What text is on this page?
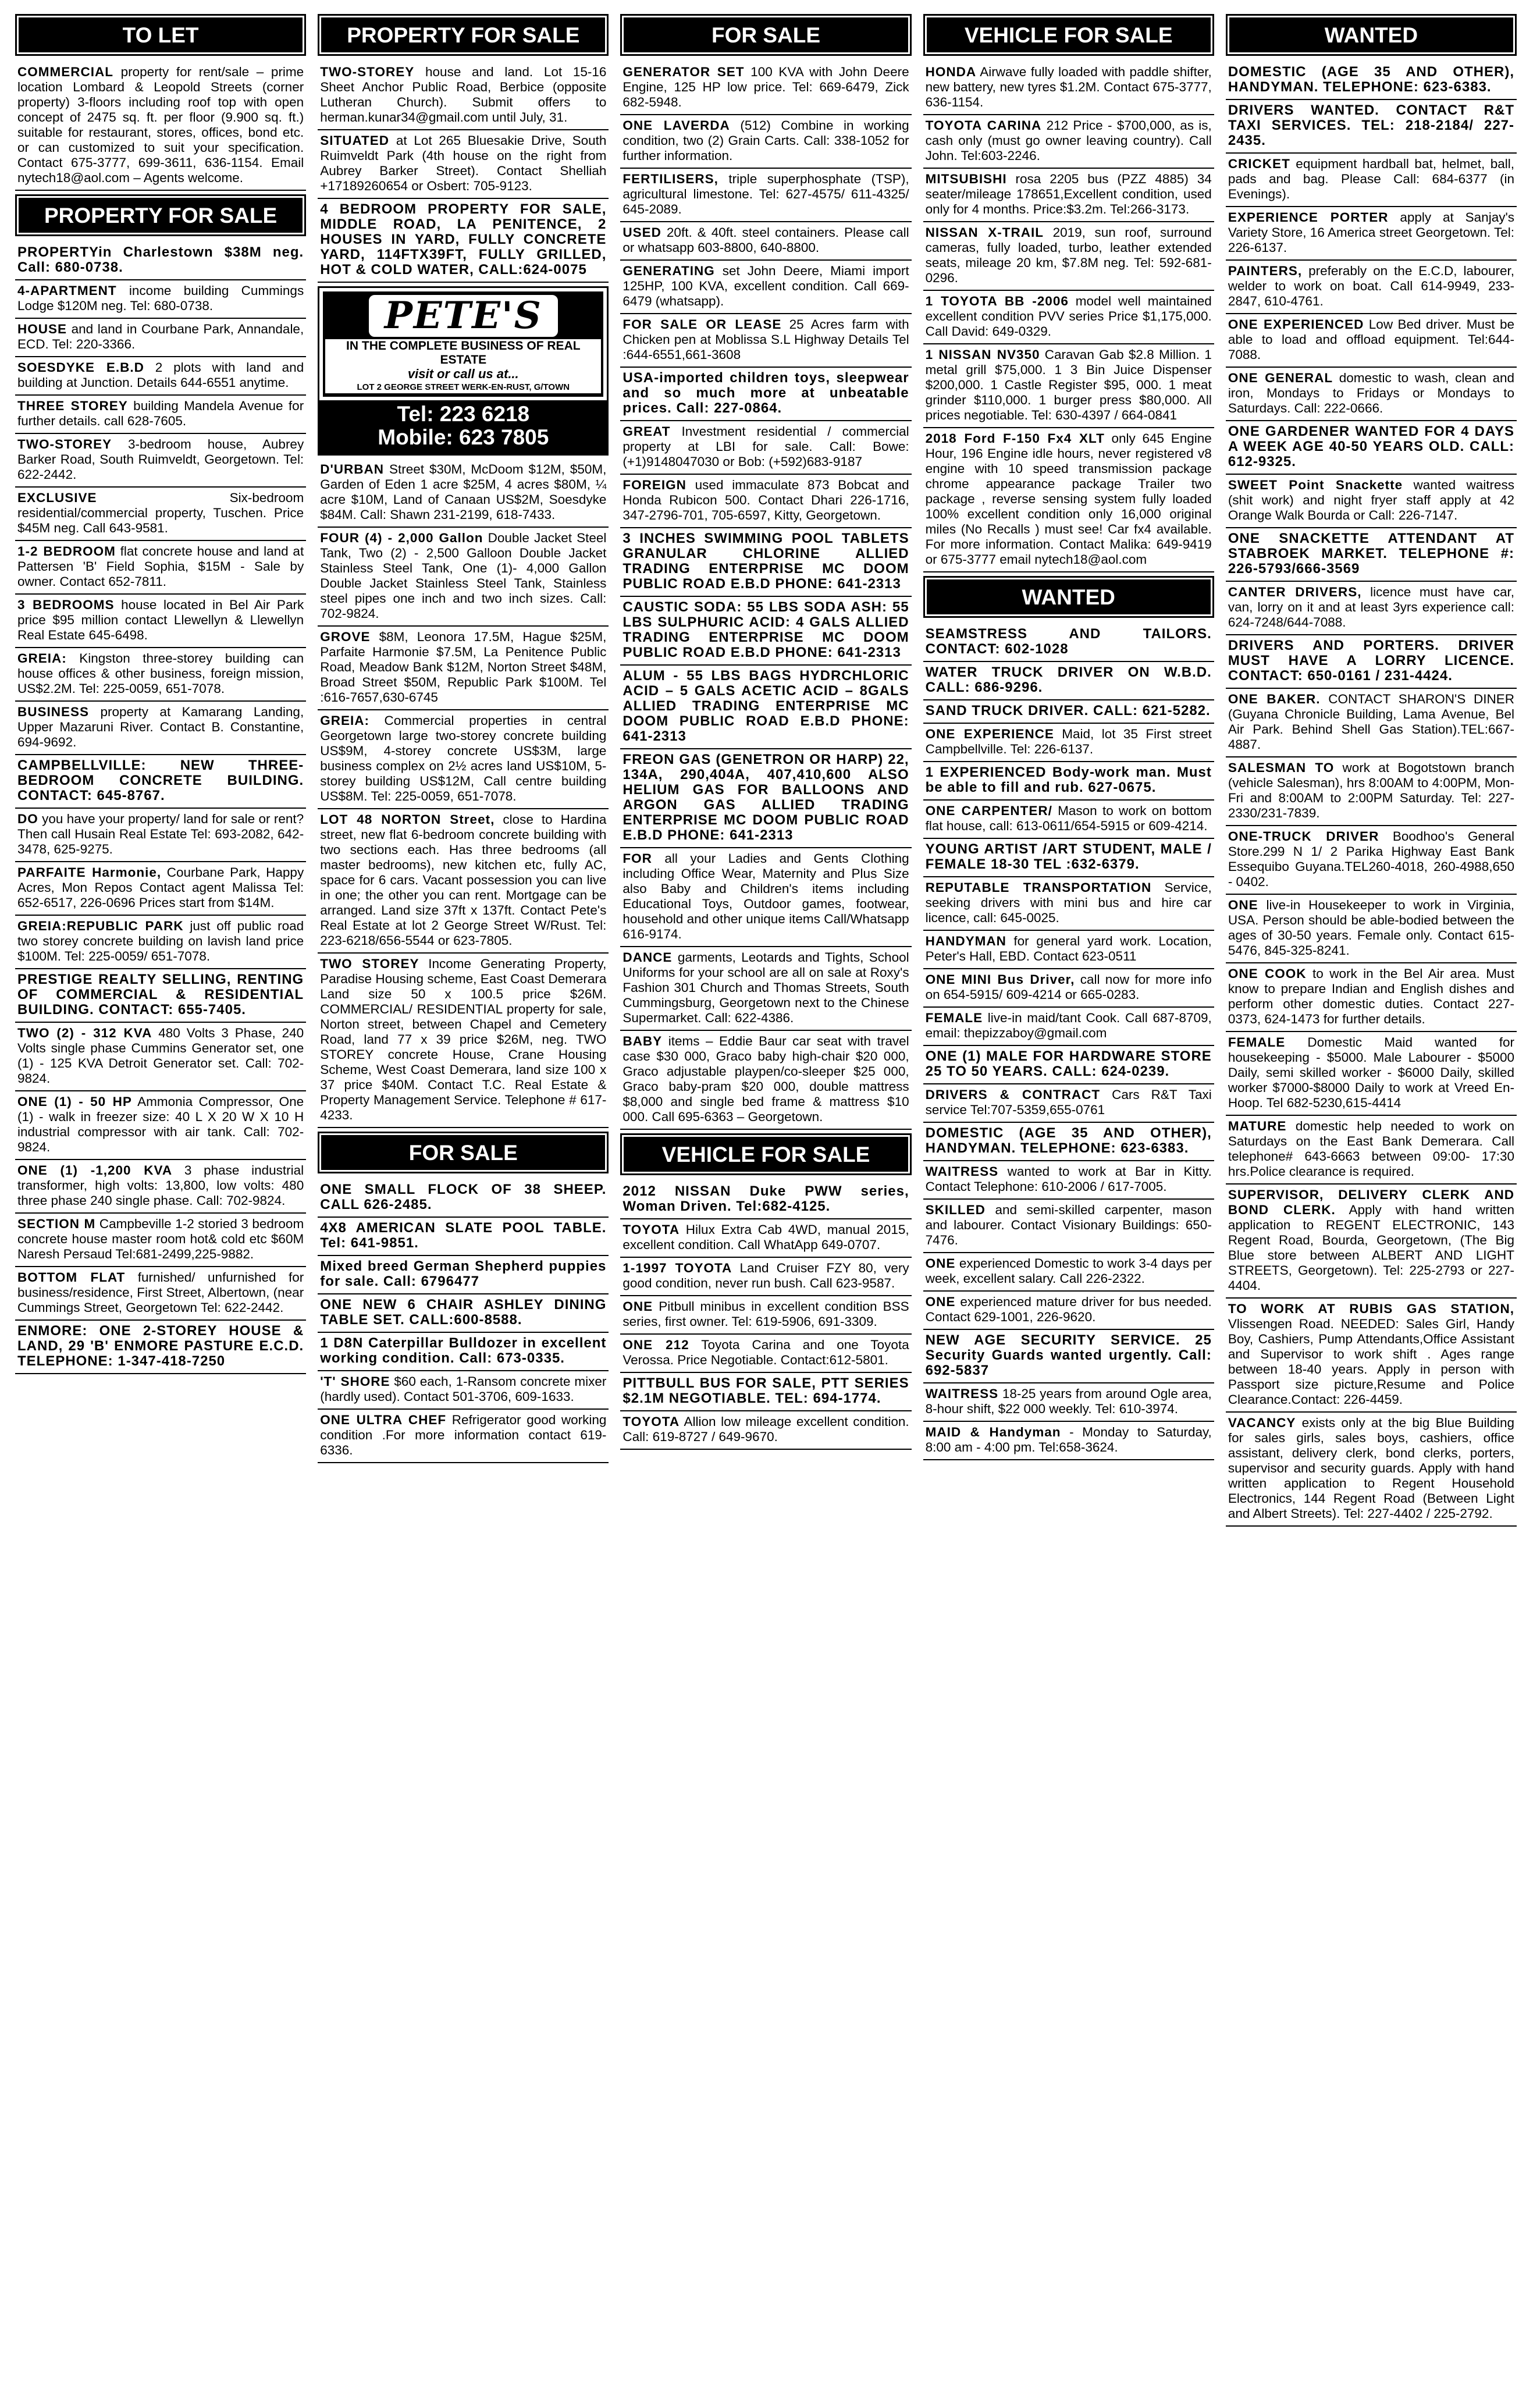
TO LET
COMMERCIAL property for rent/sale – prime location Lombard & Leopold Streets (corner property) 3-floors including roof top with open concept of 2475 sq. ft. per floor (9.900 sq. ft.) suitable for restaurant, stores, offices, bond etc. or can customized to suit your specification. Contact 675-3777, 699-3611, 636-1154. Email nytech18@aol.com – Agents welcome.
PROPERTY FOR SALE
PROPERTYin Charlestown $38M neg. Call: 680-0738.
4-APARTMENT income building Cummings Lodge $120M neg. Tel: 680-0738.
HOUSE and land in Courbane Park, Annandale, ECD. Tel: 220-3366.
SOESDYKE E.B.D 2 plots with land and building at Junction. Details 644-6551 anytime.
THREE STOREY building Mandela Avenue for further details. call 628-7605.
TWO-STOREY 3-bedroom house, Aubrey Barker Road, South Ruimveldt, Georgetown. Tel: 622-2442.
EXCLUSIVE Six-bedroom residential/commercial property, Tuschen. Price $45M neg. Call 643-9581.
1-2 BEDROOM flat concrete house and land at Pattersen 'B' Field Sophia, $15M - Sale by owner. Contact 652-7811.
3 BEDROOMS house located in Bel Air Park price $95 million contact Llewellyn & Llewellyn Real Estate 645-6498.
GREIA: Kingston three-storey building can house offices & other business, foreign mission, US$2.2M. Tel: 225-0059, 651-7078.
BUSINESS property at Kamarang Landing, Upper Mazaruni River. Contact B. Constantine, 694-9692.
CAMPBELLVILLE: NEW THREE-BEDROOM CONCRETE BUILDING. CONTACT: 645-8767.
DO you have your property/ land for sale or rent? Then call Husain Real Estate Tel: 693-2082, 642-3478, 625-9275.
PARFAITE Harmonie, Courbane Park, Happy Acres, Mon Repos Contact agent Malissa Tel: 652-6517, 226-0696 Prices start from $14M.
GREIA:REPUBLIC PARK just off public road two storey concrete building on lavish land price $100M. Tel: 225-0059/ 651-7078.
PRESTIGE REALTY SELLING, RENTING OF COMMERCIAL & RESIDENTIAL BUILDING. CONTACT: 655-7405.
TWO (2) - 312 KVA 480 Volts 3 Phase, 240 Volts single phase Cummins Generator set, one (1) - 125 KVA Detroit Generator set. Call: 702-9824.
ONE (1) - 50 HP Ammonia Compressor, One (1) - walk in freezer size: 40 L X 20 W X 10 H industrial compressor with air tank. Call: 702-9824.
ONE (1) -1,200 KVA 3 phase industrial transformer, high volts: 13,800, low volts: 480 three phase 240 single phase. Call: 702-9824.
SECTION M Campbeville 1-2 storied 3 bedroom concrete house master room hot& cold etc $60M Naresh Persaud Tel:681-2499,225-9882.
BOTTOM FLAT furnished/ unfurnished for business/residence, First Street, Albertown, (near Cummings Street, Georgetown Tel: 622-2442.
ENMORE: ONE 2-STOREY HOUSE & LAND, 29 'B' ENMORE PASTURE E.C.D. TELEPHONE: 1-347-418-7250
PROPERTY FOR SALE
TWO-STOREY house and land. Lot 15-16 Sheet Anchor Public Road, Berbice (opposite Lutheran Church). Submit offers to herman.kunar34@gmail.com until July, 31.
SITUATED at Lot 265 Bluesakie Drive, South Ruimveldt Park (4th house on the right from Aubrey Barker Street). Contact Shelliah +17189260654 or Osbert: 705-9123.
4 BEDROOM PROPERTY FOR SALE, MIDDLE ROAD, LA PENITENCE, 2 HOUSES IN YARD, FULLY CONCRETE YARD, 114FTX39FT, FULLY GRILLED, HOT & COLD WATER, CALL:624-0075
PETE'S
IN THE COMPLETE BUSINESS OF REAL ESTATE
visit or call us at...
LOT 2 GEORGE STREET WERK-EN-RUST, G/TOWN
Tel: 223 6218
Mobile: 623 7805
D'URBAN Street $30M, McDoom $12M, $50M, Garden of Eden 1 acre $25M, 4 acres $80M, ¼ acre $10M, Land of Canaan US$2M, Soesdyke $84M. Call: Shawn 231-2199, 618-7433.
FOUR (4) - 2,000 Gallon Double Jacket Steel Tank, Two (2) - 2,500 Galloon Double Jacket Stainless Steel Tank, One (1)- 4,000 Gallon Double Jacket Stainless Steel Tank, Stainless steel pipes one inch and two inch sizes. Call: 702-9824.
GROVE $8M, Leonora 17.5M, Hague $25M, Parfaite Harmonie $7.5M, La Penitence Public Road, Meadow Bank $12M, Norton Street $48M, Broad Street $50M, Republic Park $100M. Tel :616-7657,630-6745
GREIA: Commercial properties in central Georgetown large two-storey concrete building US$9M, 4-storey concrete US$3M, large business complex on 2½ acres land US$10M, 5-storey building US$12M, Call centre building US$8M. Tel: 225-0059, 651-7078.
LOT 48 NORTON Street, close to Hardina street, new flat 6-bedroom concrete building with two sections each. Has three bedrooms (all master bedrooms), new kitchen etc, fully AC, space for 6 cars. Vacant possession you can live in one; the other you can rent. Mortgage can be arranged. Land size 37ft x 137ft. Contact Pete's Real Estate at lot 2 George Street W/Rust. Tel: 223-6218/656-5544 or 623-7805.
TWO STOREY Income Generating Property, Paradise Housing scheme, East Coast Demerara Land size 50 x 100.5 price $26M. COMMERCIAL/ RESIDENTIAL property for sale, Norton street, between Chapel and Cemetery Road, land 77 x 39 price $26M, neg. TWO STOREY concrete House, Crane Housing Scheme, West Coast Demerara, land size 100 x 37 price $40M. Contact T.C. Real Estate & Property Management Service. Telephone # 617-4233.
FOR SALE
ONE SMALL FLOCK OF 38 SHEEP. CALL 626-2485.
4X8 AMERICAN SLATE POOL TABLE. Tel: 641-9851.
Mixed breed German Shepherd puppies for sale. Call: 6796477
ONE NEW 6 CHAIR ASHLEY DINING TABLE SET. CALL:600-8588.
1 D8N Caterpillar Bulldozer in excellent working condition. Call: 673-0335.
'T' SHORE $60 each, 1-Ransom concrete mixer (hardly used). Contact 501-3706, 609-1633.
ONE ULTRA CHEF Refrigerator good working condition .For more information contact 619- 6336.
FOR SALE
GENERATOR SET 100 KVA with John Deere Engine, 125 HP low price. Tel: 669-6479, Zick 682-5948.
ONE LAVERDA (512) Combine in working condition, two (2) Grain Carts. Call: 338-1052 for further information.
FERTILISERS, triple superphosphate (TSP), agricultural limestone. Tel: 627-4575/ 611-4325/ 645-2089.
USED 20ft. & 40ft. steel containers. Please call or whatsapp 603-8800, 640-8800.
GENERATING set John Deere, Miami import 125HP, 100 KVA, excellent condition. Call 669-6479 (whatsapp).
FOR SALE OR LEASE 25 Acres farm with Chicken pen at Moblissa S.L Highway Details Tel :644-6551,661-3608
USA-imported children toys, sleepwear and so much more at unbeatable prices. Call: 227-0864.
GREAT Investment residential / commercial property at LBI for sale. Call: Bowe: (+1)9148047030 or Bob: (+592)683-9187
FOREIGN used immaculate 873 Bobcat and Honda Rubicon 500. Contact Dhari 226-1716, 347-2796-701, 705-6597, Kitty, Georgetown.
3 INCHES SWIMMING POOL TABLETS GRANULAR CHLORINE ALLIED TRADING ENTERPRISE MC DOOM PUBLIC ROAD E.B.D PHONE: 641-2313
CAUSTIC SODA: 55 LBS SODA ASH: 55 LBS SULPHURIC ACID: 4 GALS ALLIED TRADING ENTERPRISE MC DOOM PUBLIC ROAD E.B.D PHONE: 641-2313
ALUM - 55 LBS BAGS HYDRCHLORIC ACID – 5 GALS ACETIC ACID – 8GALS ALLIED TRADING ENTERPRISE MC DOOM PUBLIC ROAD E.B.D PHONE: 641-2313
FREON GAS (GENETRON OR HARP) 22, 134A, 290,404A, 407,410,600 ALSO HELIUM GAS FOR BALLOONS AND ARGON GAS ALLIED TRADING ENTERPRISE MC DOOM PUBLIC ROAD E.B.D PHONE: 641-2313
FOR all your Ladies and Gents Clothing including Office Wear, Maternity and Plus Size also Baby and Children's items including Educational Toys, Outdoor games, footwear, household and other unique items Call/Whatsapp 616-9174.
DANCE garments, Leotards and Tights, School Uniforms for your school are all on sale at Roxy's Fashion 301 Church and Thomas Streets, South Cummingsburg, Georgetown next to the Chinese Supermarket. Call: 622-4386.
BABY items – Eddie Baur car seat with travel case $30 000, Graco baby high-chair $20 000, Graco adjustable playpen/co-sleeper $25 000, Graco baby-pram $20 000, double mattress $8,000 and single bed frame & mattress $10 000. Call 695-6363 – Georgetown.
VEHICLE FOR SALE
2012 NISSAN Duke PWW series, Woman Driven. Tel:682-4125.
TOYOTA Hilux Extra Cab 4WD, manual 2015, excellent condition. Call WhatApp 649-0707.
1-1997 TOYOTA Land Cruiser FZY 80, very good condition, never run bush. Call 623-9587.
ONE Pitbull minibus in excellent condition BSS series, first owner. Tel: 619-5906, 691-3309.
ONE 212 Toyota Carina and one Toyota Verossa. Price Negotiable. Contact:612-5801.
PITTBULL BUS FOR SALE, PTT SERIES $2.1M NEGOTIABLE. TEL: 694-1774.
TOYOTA Allion low mileage excellent condition. Call: 619-8727 / 649-9670.
VEHICLE FOR SALE
HONDA Airwave fully loaded with paddle shifter, new battery, new tyres $1.2M. Contact 675-3777, 636-1154.
TOYOTA CARINA 212 Price - $700,000, as is, cash only (must go owner leaving country). Call John. Tel:603-2246.
MITSUBISHI rosa 2205 bus (PZZ 4885) 34 seater/mileage 178651,Excellent condition, used only for 4 months. Price:$3.2m. Tel:266-3173.
NISSAN X-TRAIL 2019, sun roof, surround cameras, fully loaded, turbo, leather extended seats, mileage 20 km, $7.8M neg. Tel: 592-681-0296.
1 TOYOTA BB -2006 model well maintained excellent condition PVV series Price $1,175,000. Call David: 649-0329.
1 NISSAN NV350 Caravan Gab $2.8 Million. 1 metal grill $75,000. 1 3 Bin Juice Dispenser $200,000. 1 Castle Register $95, 000. 1 meat grinder $110,000. 1 burger press $80,000. All prices negotiable. Tel: 630-4397 / 664-0841
2018 Ford F-150 Fx4 XLT only 645 Engine Hour, 196 Engine idle hours, never registered v8 engine with 10 speed transmission package chrome appearance package Trailer two package , reverse sensing system fully loaded 100% excellent condition only 16,000 original miles (No Recalls ) must see! Car fx4 available. For more information. Contact Malika: 649-9419 or 675-3777 email nytech18@aol.com
WANTED
SEAMSTRESS AND TAILORS. CONTACT: 602-1028
WATER TRUCK DRIVER ON W.B.D. CALL: 686-9296.
SAND TRUCK DRIVER. CALL: 621-5282.
ONE EXPERIENCE Maid, lot 35 First street Campbellville. Tel: 226-6137.
1 EXPERIENCED Body-work man. Must be able to fill and rub. 627-0675.
ONE CARPENTER/ Mason to work on bottom flat house, call: 613-0611/654-5915 or 609-4214.
YOUNG ARTIST /ART STUDENT, MALE / FEMALE 18-30 TEL :632-6379.
REPUTABLE TRANSPORTATION Service, seeking drivers with mini bus and hire car licence, call: 645-0025.
HANDYMAN for general yard work. Location, Peter's Hall, EBD. Contact 623-0511
ONE MINI Bus Driver, call now for more info on 654-5915/ 609-4214 or 665-0283.
FEMALE live-in maid/tant Cook. Call 687-8709, email: thepizzaboy@gmail.com
ONE (1) MALE FOR HARDWARE STORE 25 TO 50 YEARS. CALL: 624-0239.
DRIVERS & CONTRACT Cars R&T Taxi service Tel:707-5359,655-0761
DOMESTIC (AGE 35 AND OTHER), HANDYMAN. TELEPHONE: 623-6383.
WAITRESS wanted to work at Bar in Kitty. Contact Telephone: 610-2006 / 617-7005.
SKILLED and semi-skilled carpenter, mason and labourer. Contact Visionary Buildings: 650-7476.
ONE experienced Domestic to work 3-4 days per week, excellent salary. Call 226-2322.
ONE experienced mature driver for bus needed. Contact 629-1001, 226-9620.
NEW AGE SECURITY SERVICE. 25 Security Guards wanted urgently. Call: 692-5837
WAITRESS 18-25 years from around Ogle area, 8-hour shift, $22 000 weekly. Tel: 610-3974.
MAID & Handyman - Monday to Saturday, 8:00 am - 4:00 pm. Tel:658-3624.
WANTED
DOMESTIC (AGE 35 AND OTHER), HANDYMAN. TELEPHONE: 623-6383.
DRIVERS WANTED. CONTACT R&T TAXI SERVICES. TEL: 218-2184/ 227-2435.
CRICKET equipment hardball bat, helmet, ball, pads and bag. Please Call: 684-6377 (in Evenings).
EXPERIENCE PORTER apply at Sanjay's Variety Store, 16 America street Georgetown. Tel: 226-6137.
PAINTERS, preferably on the E.C.D, labourer, welder to work on boat. Call 614-9949, 233-2847, 610-4761.
ONE EXPERIENCED Low Bed driver. Must be able to load and offload equipment. Tel:644-7088.
ONE GENERAL domestic to wash, clean and iron, Mondays to Fridays or Mondays to Saturdays. Call: 222-0666.
ONE GARDENER WANTED FOR 4 DAYS A WEEK AGE 40-50 YEARS OLD. CALL: 612-9325.
SWEET Point Snackette wanted waitress (shit work) and night fryer staff apply at 42 Orange Walk Bourda or Call: 226-7147.
ONE SNACKETTE ATTENDANT AT STABROEK MARKET. TELEPHONE #: 226-5793/666-3569
CANTER DRIVERS, licence must have car, van, lorry on it and at least 3yrs experience call: 624-7248/644-7088.
DRIVERS AND PORTERS. DRIVER MUST HAVE A LORRY LICENCE. CONTACT: 650-0161 / 231-4424.
ONE BAKER. CONTACT SHARON'S DINER (Guyana Chronicle Building, Lama Avenue, Bel Air Park. Behind Shell Gas Station).TEL:667-4887.
SALESMAN TO work at Bogotstown branch (vehicle Salesman), hrs 8:00AM to 4:00PM, Mon-Fri and 8:00AM to 2:00PM Saturday. Tel: 227-2330/231-7839.
ONE-TRUCK DRIVER Boodhoo's General Store.299 N 1/ 2 Parika Highway East Bank Essequibo Guyana.TEL260-4018, 260-4988,650 - 0402.
ONE live-in Housekeeper to work in Virginia, USA. Person should be able-bodied between the ages of 30-50 years. Female only. Contact 615-5476, 845-325-8241.
ONE COOK to work in the Bel Air area. Must know to prepare Indian and English dishes and perform other domestic duties. Contact 227-0373, 624-1473 for further details.
FEMALE Domestic Maid wanted for housekeeping - $5000. Male Labourer - $5000 Daily, semi skilled worker - $6000 Daily, skilled worker $7000-$8000 Daily to work at Vreed En-Hoop. Tel 682-5230,615-4414
MATURE domestic help needed to work on Saturdays on the East Bank Demerara. Call telephone# 643-6663 between 09:00- 17:30 hrs.Police clearance is required.
SUPERVISOR, DELIVERY CLERK AND BOND CLERK. Apply with hand written application to REGENT ELECTRONIC, 143 Regent Road, Bourda, Georgetown, (The Big Blue store between ALBERT AND LIGHT STREETS, Georgetown). Tel: 225-2793 or 227-4404.
TO WORK AT RUBIS GAS STATION, Vlissengen Road. NEEDED: Sales Girl, Handy Boy, Cashiers, Pump Attendants,Office Assistant and Supervisor to work shift . Ages range between 18-40 years. Apply in person with Passport size picture,Resume and Police Clearance.Contact: 226-4459.
VACANCY exists only at the big Blue Building for sales girls, sales boys, cashiers, office assistant, delivery clerk, bond clerks, porters, supervisor and security guards. Apply with hand written application to Regent Household Electronics, 144 Regent Road (Between Light and Albert Streets). Tel: 227-4402 / 225-2792.
